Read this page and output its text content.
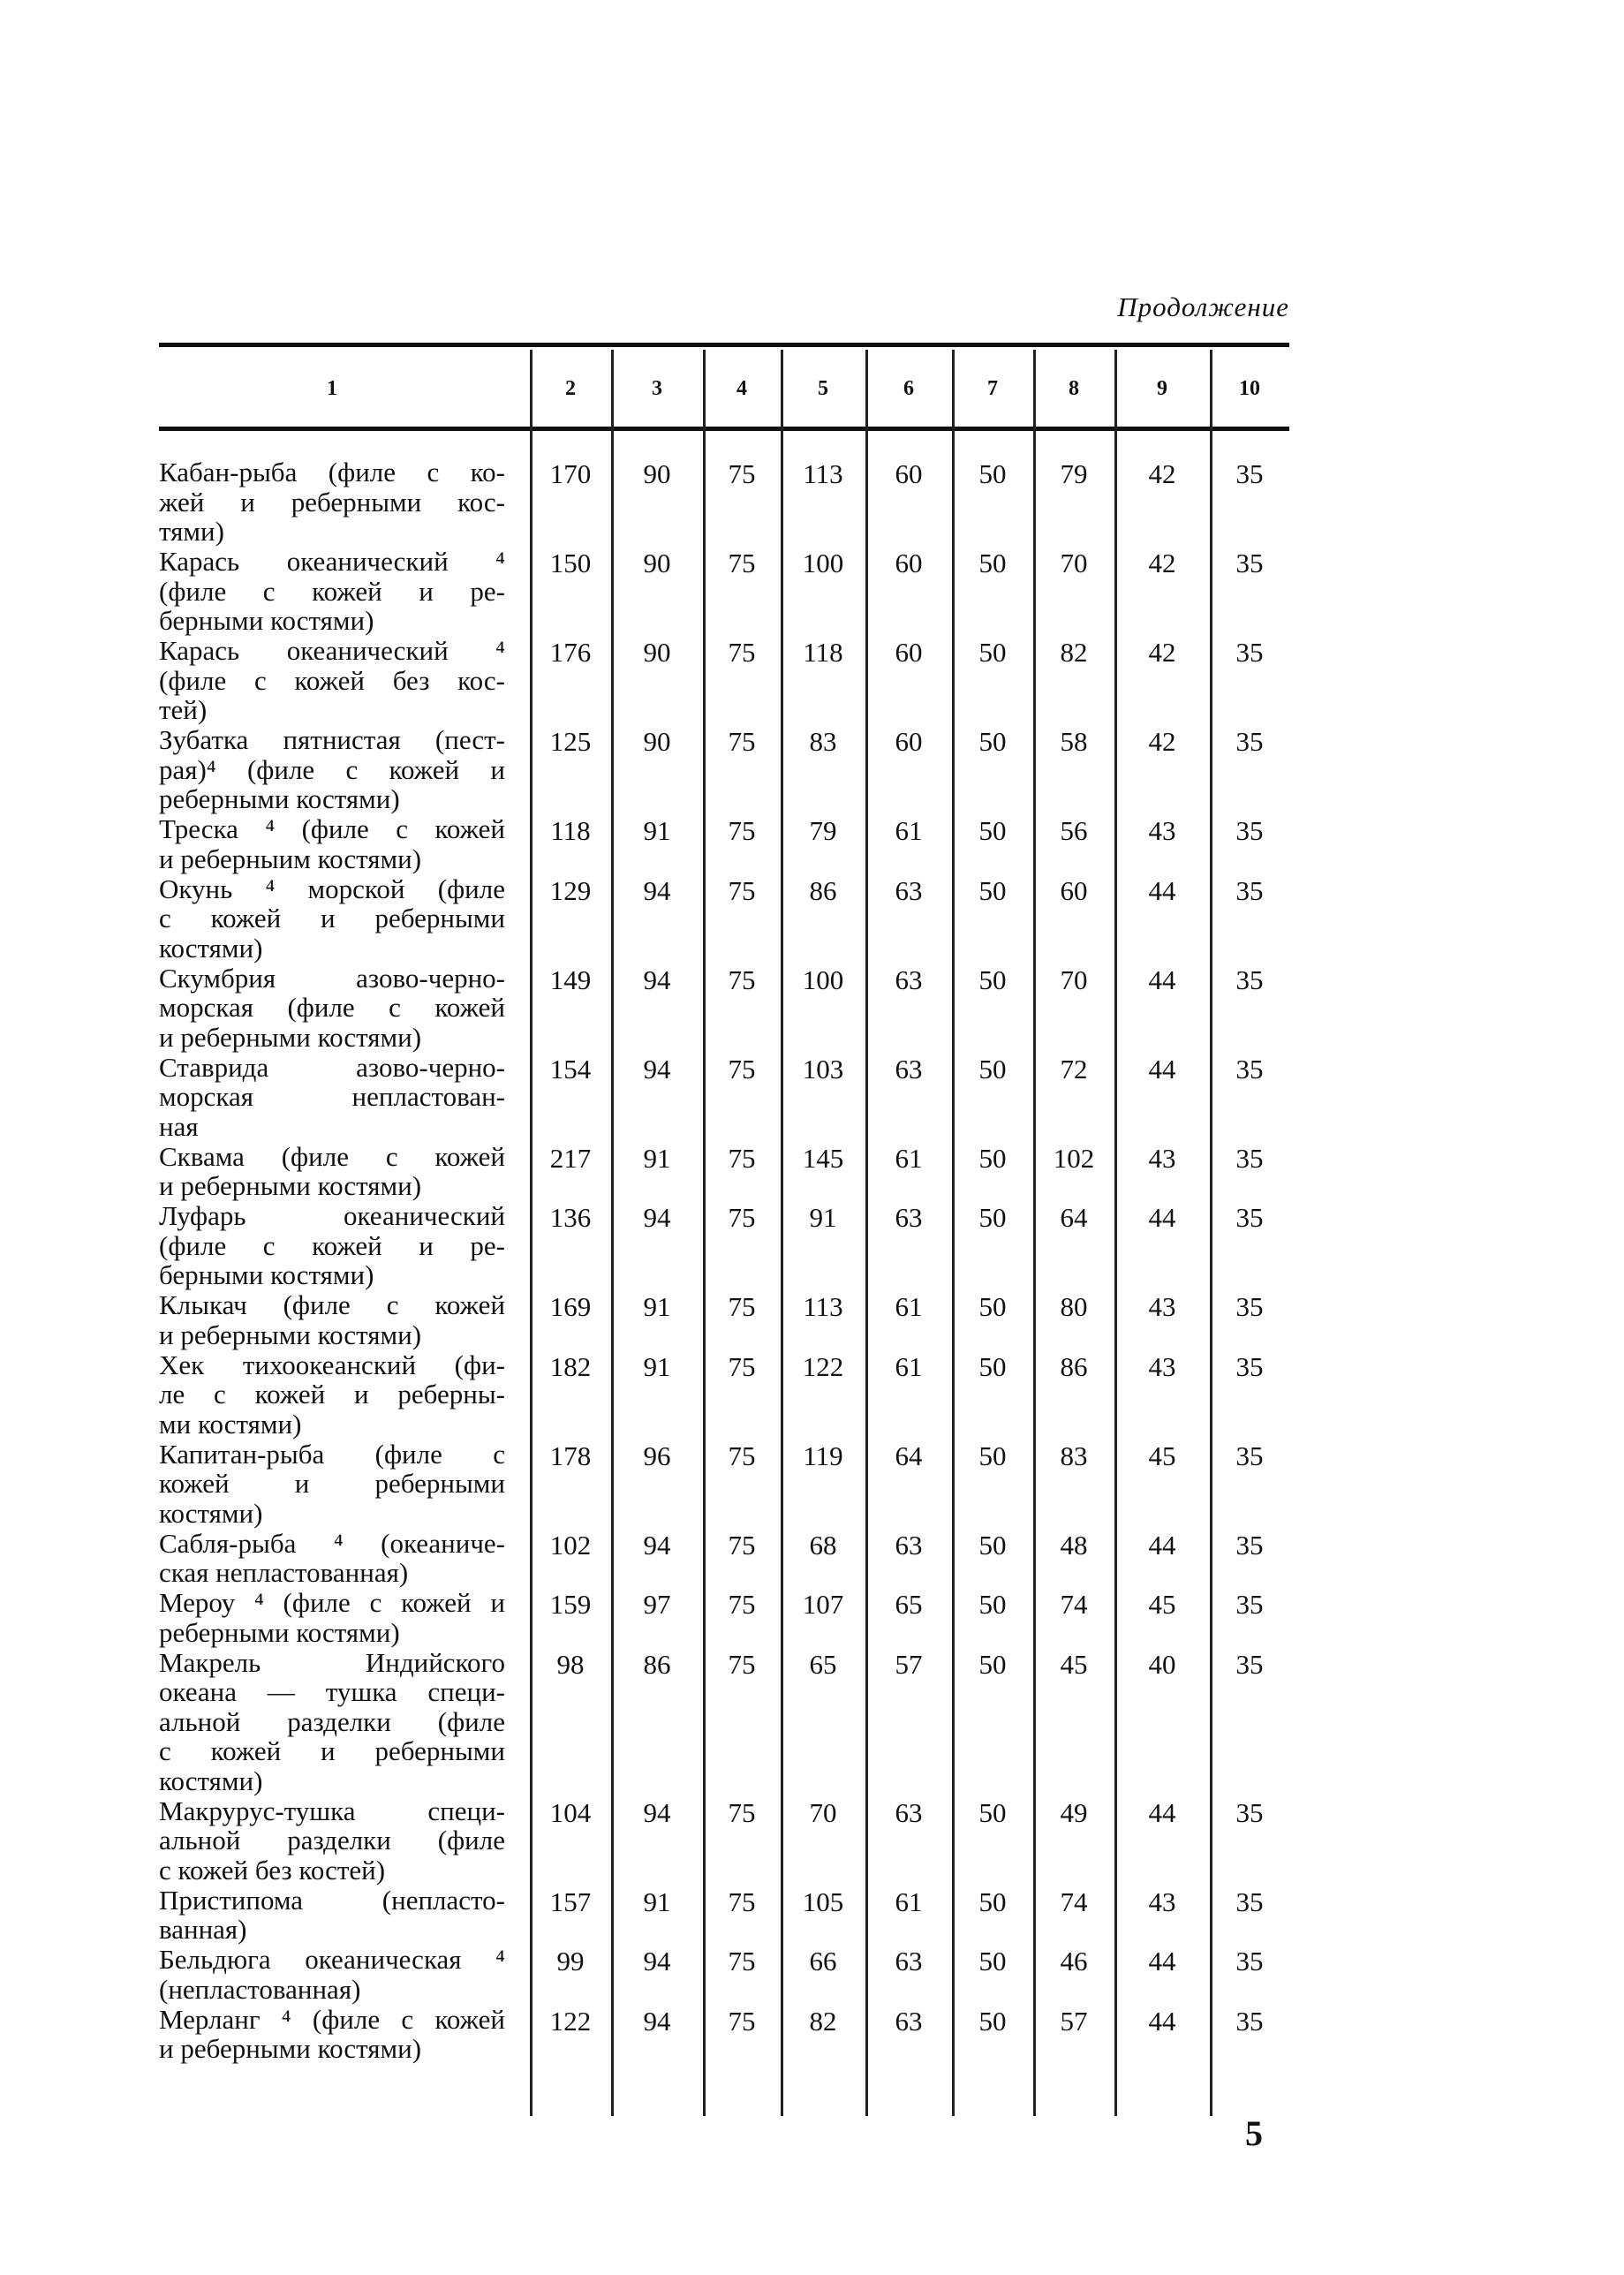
Продолжение
1	2	3	4	5	6	7	8	9	10
Кабан-рыба (филе с ко-
жей и реберными кос-
тями)
170	90	75	113	60	50	79	42	35
Карась океанический ⁴
(филе с кожей и ре-
берными костями)
150	90	75	100	60	50	70	42	35
Карась океанический ⁴
(филе с кожей без кос-
тей)
176	90	75	118	60	50	82	42	35
Зубатка пятнистая (пест-
рая)⁴ (филе с кожей и
реберными костями)
125	90	75	83	60	50	58	42	35
Треска ⁴ (филе с кожей
и реберныим костями)
118	91	75	79	61	50	56	43	35
Окунь ⁴ морской (филе
с кожей и реберными
костями)
129	94	75	86	63	50	60	44	35
Скумбрия азово-черно-
морская (филе с кожей
и реберными костями)
149	94	75	100	63	50	70	44	35
Ставрида азово-черно-
морская непластован-
ная
154	94	75	103	63	50	72	44	35
Сквама (филе с кожей
и реберными костями)
217	91	75	145	61	50	102	43	35
Луфарь океанический
(филе с кожей и ре-
берными костями)
136	94	75	91	63	50	64	44	35
Клыкач (филе с кожей
и реберными костями)
169	91	75	113	61	50	80	43	35
Хек тихоокеанский (фи-
ле с кожей и реберны-
ми костями)
182	91	75	122	61	50	86	43	35
Капитан-рыба (филе с
кожей и реберными
костями)
178	96	75	119	64	50	83	45	35
Сабля-рыба ⁴ (океаниче-
ская непластованная)
102	94	75	68	63	50	48	44	35
Мероу ⁴ (филе с кожей и
реберными костями)
159	97	75	107	65	50	74	45	35
Макрель Индийского
океана — тушка специ-
альной разделки (филе
с кожей и реберными
костями)
98	86	75	65	57	50	45	40	35
Макрурус-тушка специ-
альной разделки (филе
с кожей без костей)
104	94	75	70	63	50	49	44	35
Пристипома (непласто-
ванная)
157	91	75	105	61	50	74	43	35
Бельдюга океаническая ⁴
(непластованная)
99	94	75	66	63	50	46	44	35
Мерланг ⁴ (филе с кожей
и реберными костями)
122	94	75	82	63	50	57	44	35
5
